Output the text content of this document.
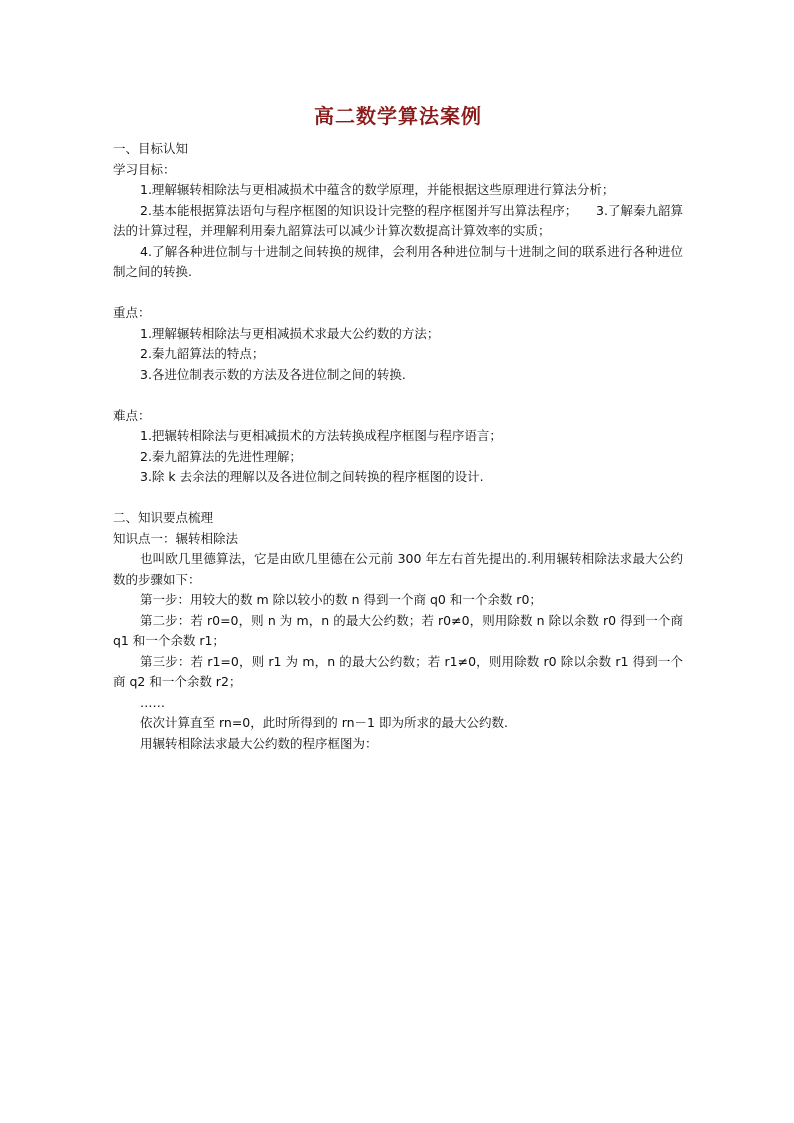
高二数学算法案例

一、目标认知

学习目标：

1.理解辗转相除法与更相减损术中蕴含的数学原理，并能根据这些原理进行算法分析；

2.基本能根据算法语句与程序框图的知识设计完整的程序框图并写出算法程序；　　3.了解秦九韶算法的计算过程，并理解利用秦九韶算法可以减少计算次数提高计算效率的实质；

4.了解各种进位制与十进制之间转换的规律，会利用各种进位制与十进制之间的联系进行各种进位制之间的转换.

重点：

1.理解辗转相除法与更相减损术求最大公约数的方法；

2.秦九韶算法的特点；

3.各进位制表示数的方法及各进位制之间的转换.

难点：

1.把辗转相除法与更相减损术的方法转换成程序框图与程序语言；

2.秦九韶算法的先进性理解；

3.除 k 去余法的理解以及各进位制之间转换的程序框图的设计.

二、知识要点梳理

知识点一：辗转相除法

也叫欧几里德算法，它是由欧几里德在公元前 300 年左右首先提出的.利用辗转相除法求最大公约数的步骤如下：

第一步：用较大的数 m 除以较小的数 n 得到一个商 q0 和一个余数 r0；

第二步：若 r0=0，则 n 为 m，n 的最大公约数；若 r0≠0，则用除数 n 除以余数 r0 得到一个商 q1 和一个余数 r1；

第三步：若 r1=0，则 r1 为 m，n 的最大公约数；若 r1≠0，则用除数 r0 除以余数 r1 得到一个商 q2 和一个余数 r2；

……

依次计算直至 rn=0，此时所得到的 rn－1 即为所求的最大公约数.

用辗转相除法求最大公约数的程序框图为：
